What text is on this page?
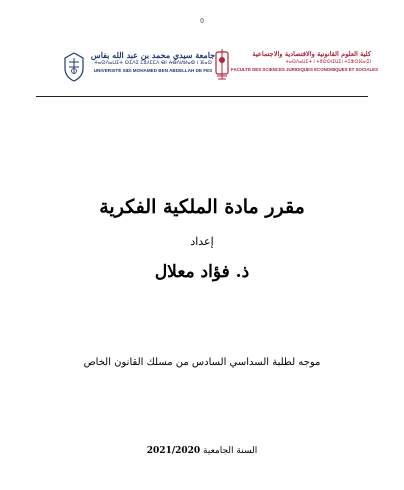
0
جامعة سيدي محمد بن عبد الله بفاس
ⵜⴰⵙⴷⴰⵡⵉⵜ ⵙⵉⴷⵉ ⵎⵓⵃⵎⵎⴷ ⴱⵏ ⵄⴱⴷⵍⵍⴰⵀ ⵏ ⴼⴰⵙ
UNIVERSITÉ SIDI MOHAMED BEN ABDELLAH DE FES
كلية العلوم القانونية والاقتصادية والاجتماعية
ⵜⴰⵙⴷⴰⵡⵉⵜ ⵏ ⵜⵓⵙⵙⵏⵉⵡⵉⵏ ⵜⵉⵣⵔⴼⴰⵏⵉⵏ
FACULTÉ DES SCIENCES JURIDIQUES ECONOMIQUES ET SOCIALES
مقرر مادة الملكية الفكرية
إعداد
ذ. فؤاد معلال
موجه لطلبة السداسي السادس من مسلك القانون الخاص
السنة الجامعية 2021/2020
